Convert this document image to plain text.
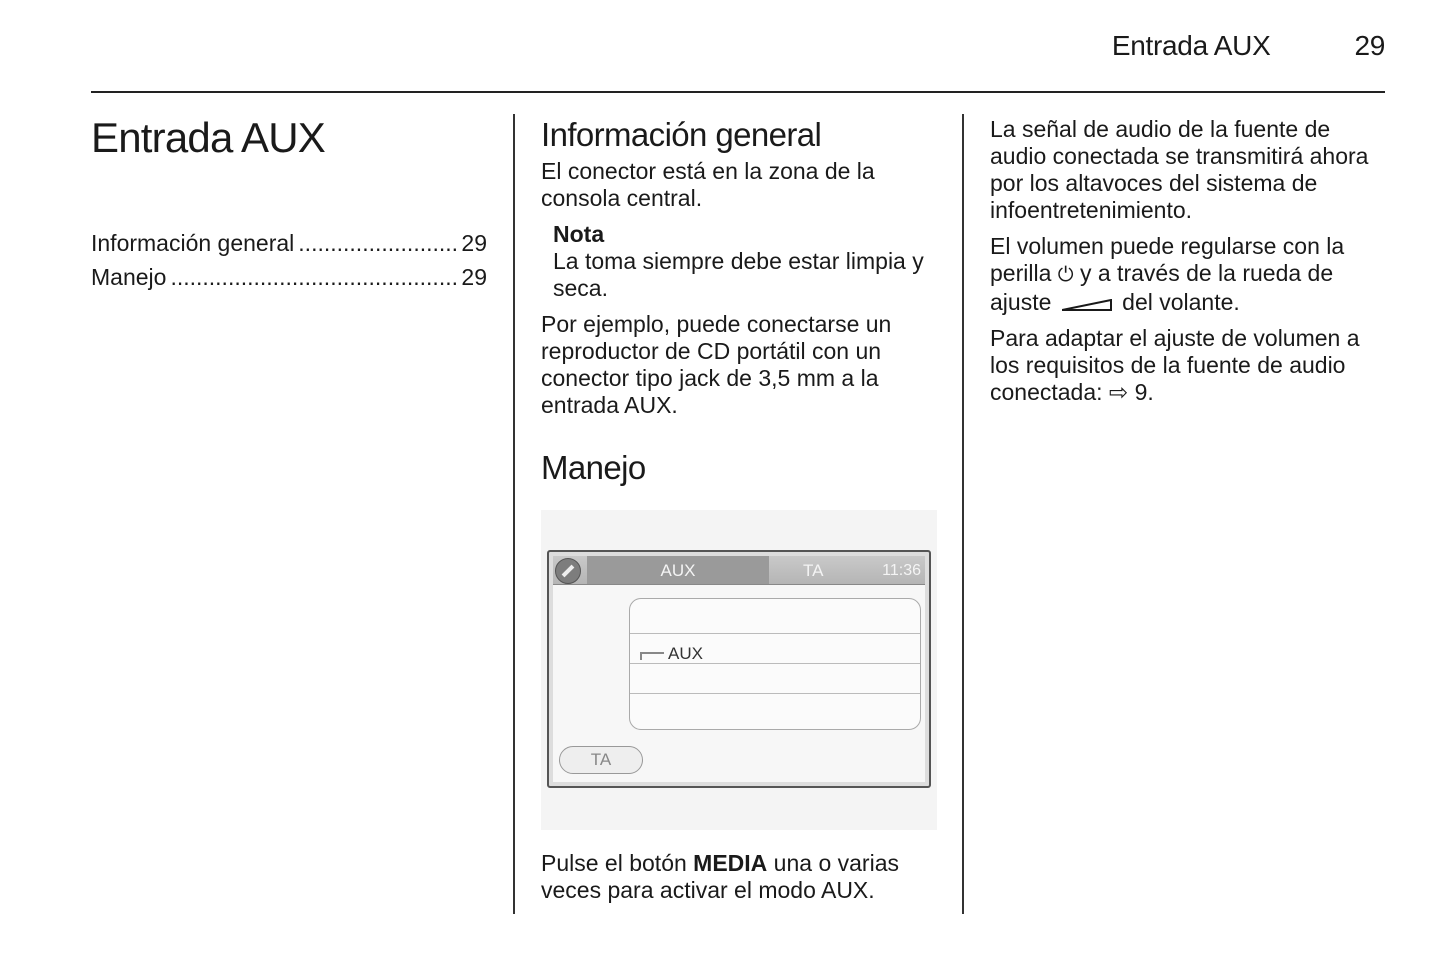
Entrada AUX	29
Entrada AUX
Información general .....	29
Manejo .....	29
Información general

El conector está en la zona de la consola central.

Nota
La toma siempre debe estar limpia y seca.

Por ejemplo, puede conectarse un reproductor de CD portátil con un conector tipo jack de 3,5 mm a la entrada AUX.

Manejo
AUX	TA	11:36
AUX
TA

Pulse el botón MEDIA una o varias veces para activar el modo AUX.

La señal de audio de la fuente de audio conectada se transmitirá ahora por los altavoces del sistema de infoentretenimiento.

El volumen puede regularse con la perilla ⏻ y a través de la rueda de ajuste	del volante.

Para adaptar el ajuste de volumen a los requisitos de la fuente de audio conectada: ⇨ 9.
